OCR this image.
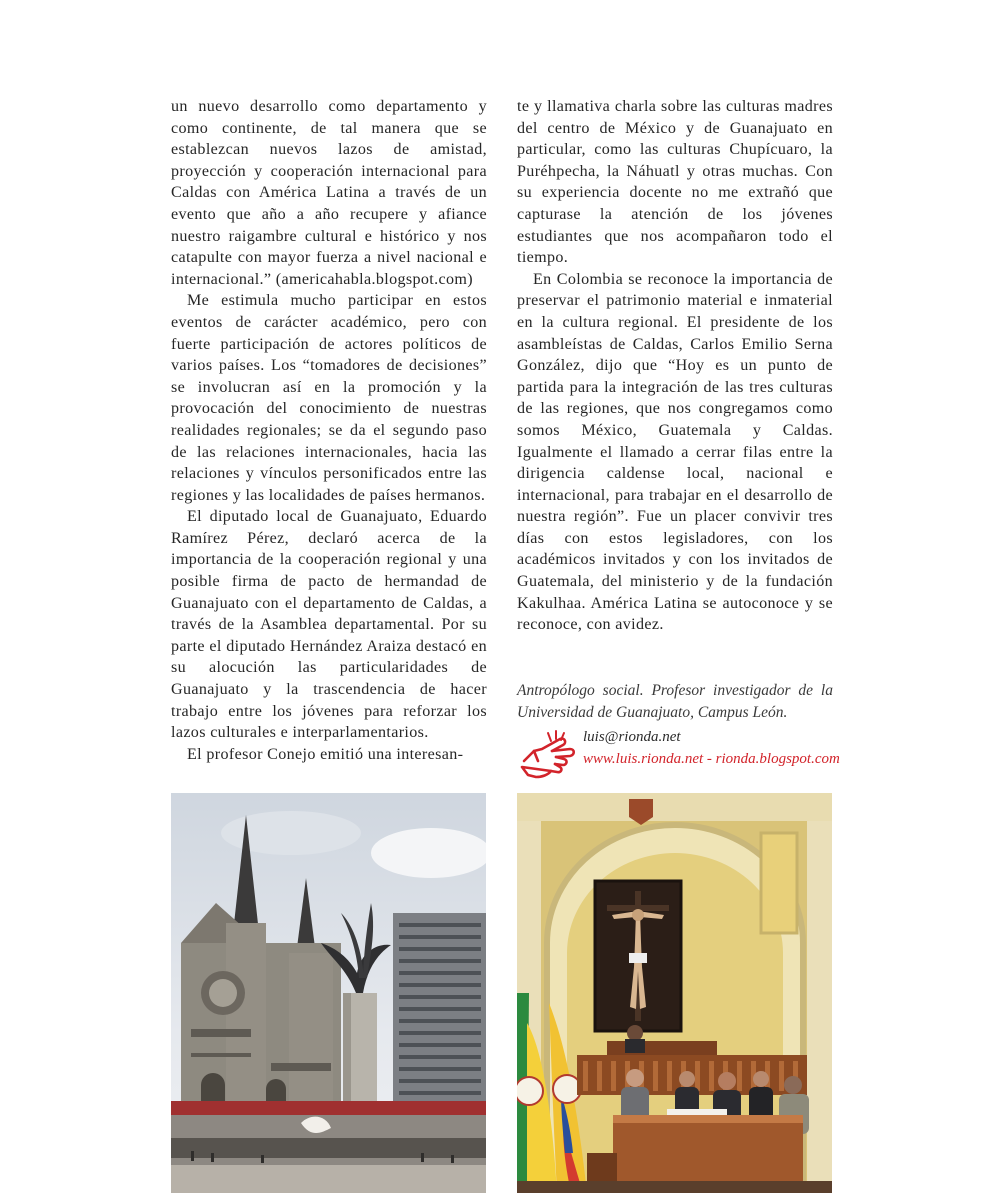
un nuevo desarrollo como departamento y como continente, de tal manera que se establezcan nuevos lazos de amistad, proyección y cooperación internacional para Caldas con América Latina a través de un evento que año a año recupere y afiance nuestro raigambre cultural e histórico y nos catapulte con mayor fuerza a nivel nacional e internacional.” (americahabla.blogspot.com)

Me estimula mucho participar en estos eventos de carácter académico, pero con fuerte participación de actores políticos de varios países. Los “tomadores de decisiones” se involucran así en la promoción y la provocación del conocimiento de nuestras realidades regionales; se da el segundo paso de las relaciones internacionales, hacia las relaciones y vínculos personificados entre las regiones y las localidades de países hermanos.

El diputado local de Guanajuato, Eduardo Ramírez Pérez, declaró acerca de la importancia de la cooperación regional y una posible firma de pacto de hermandad de Guanajuato con el departamento de Caldas, a través de la Asamblea departamental. Por su parte el diputado Hernández Araiza destacó en su alocución las particularidades de Guanajuato y la trascendencia de hacer trabajo entre los jóvenes para reforzar los lazos culturales e interparlamentarios.

El profesor Conejo emitió una interesan-

te y llamativa charla sobre las culturas madres del centro de México y de Guanajuato en particular, como las culturas Chupícuaro, la Puréhpecha, la Náhuatl y otras muchas. Con su experiencia docente no me extrañó que capturase la atención de los jóvenes estudiantes que nos acompañaron todo el tiempo.

En Colombia se reconoce la importancia de preservar el patrimonio material e inmaterial en la cultura regional. El presidente de los asambleístas de Caldas, Carlos Emilio Serna González, dijo que “Hoy es un punto de partida para la integración de las tres culturas de las regiones, que nos congregamos como somos México, Guatemala y Caldas. Igualmente el llamado a cerrar filas entre la dirigencia caldense local, nacional e internacional, para trabajar en el desarrollo de nuestra región”. Fue un placer convivir tres días con estos legisladores, con los académicos invitados y con los invitados de Guatemala, del ministerio y de la fundación Kakulhaa. América Latina se autoconoce y se reconoce, con avidez.

Antropólogo social. Profesor investigador de la Universidad de Guanajuato, Campus León.
luis@rionda.net
www.luis.rionda.net - rionda.blogspot.com
